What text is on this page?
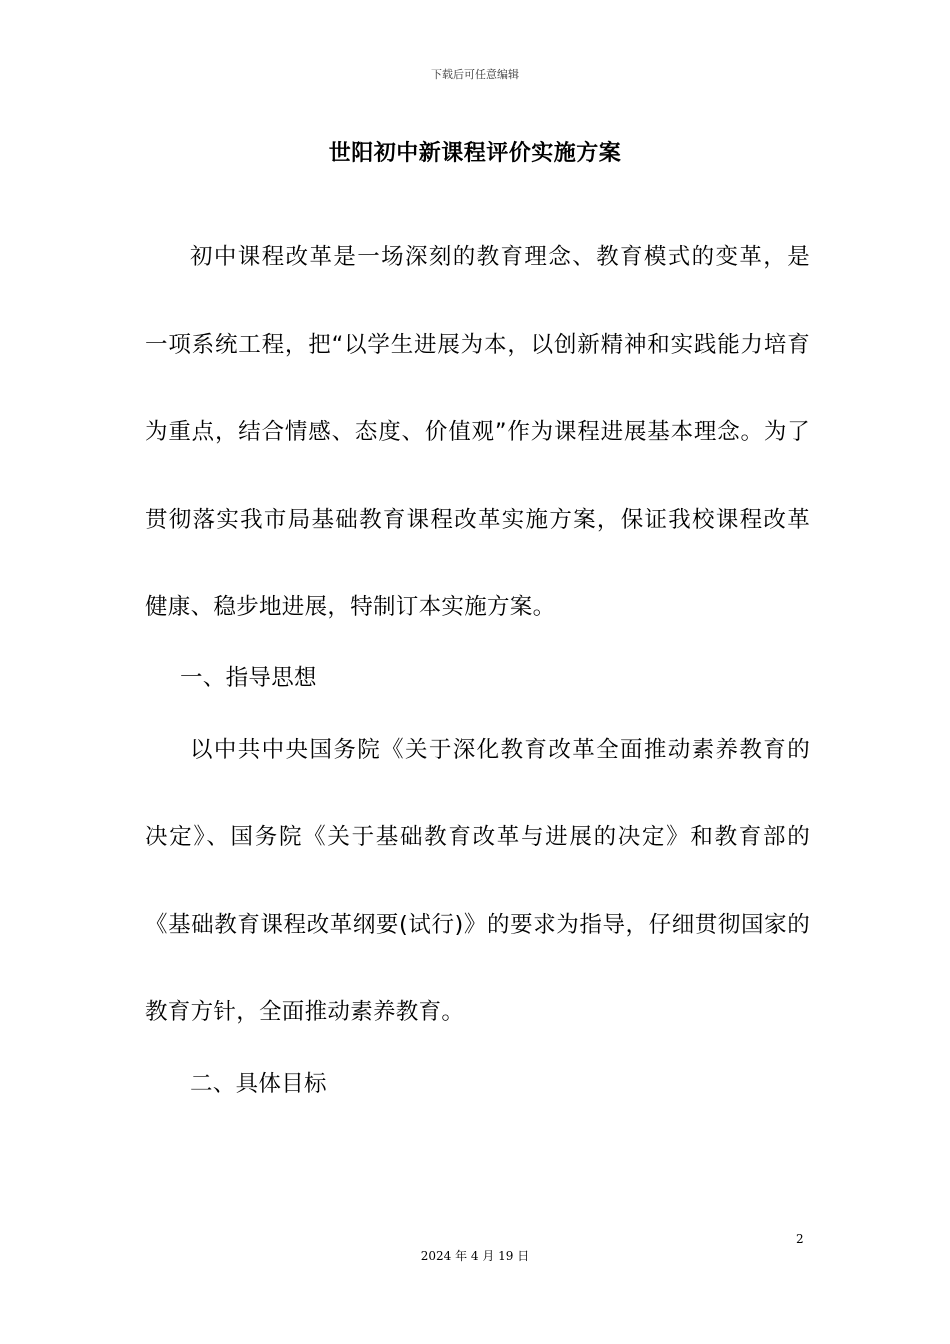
下载后可任意编辑
世阳初中新课程评价实施方案

初中课程改革是一场深刻的教育理念、教育模式的变革，是

一项系统工程，把“以学生进展为本，以创新精神和实践能力培育

为重点，结合情感、态度、价值观”作为课程进展基本理念。为了

贯彻落实我市局基础教育课程改革实施方案，保证我校课程改革

健康、稳步地进展，特制订本实施方案。

一、指导思想

以中共中央国务院《关于深化教育改革全面推动素养教育的

决定》、国务院《关于基础教育改革与进展的决定》和教育部的

《基础教育课程改革纲要(试行)》的要求为指导，仔细贯彻国家的

教育方针，全面推动素养教育。

二、具体目标

2
2024 年 4 月 19 日
